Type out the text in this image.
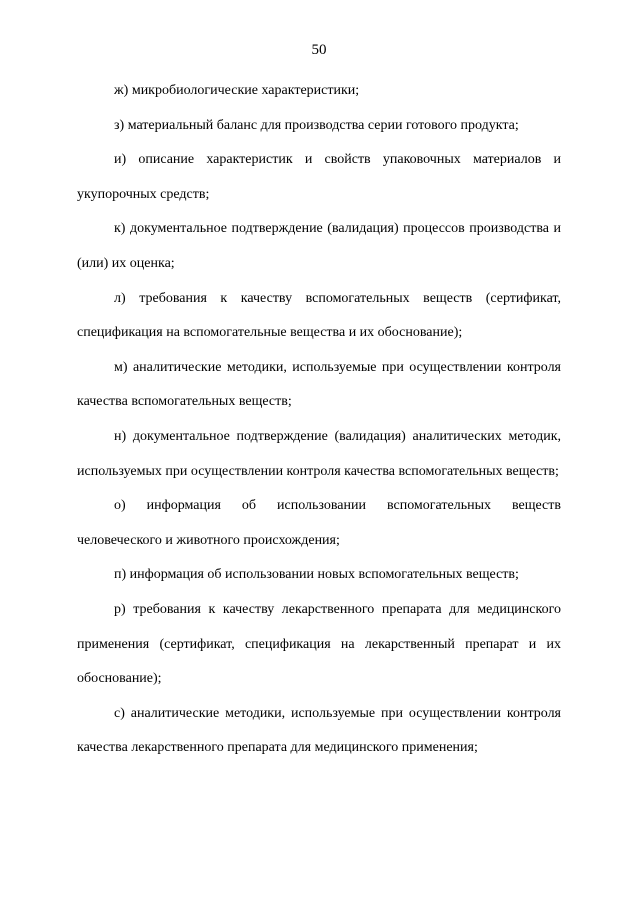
50

ж) микробиологические характеристики;

з) материальный баланс для производства серии готового продукта;

и) описание характеристик и свойств упаковочных материалов и укупорочных средств;

к) документальное подтверждение (валидация) процессов производства и (или) их оценка;

л) требования к качеству вспомогательных веществ (сертификат, спецификация на вспомогательные вещества и их обоснование);

м) аналитические методики, используемые при осуществлении контроля качества вспомогательных веществ;

н) документальное подтверждение (валидация) аналитических методик, используемых при осуществлении контроля качества вспомогательных веществ;

о) информация об использовании вспомогательных веществ человеческого и животного происхождения;

п) информация об использовании новых вспомогательных веществ;

р) требования к качеству лекарственного препарата для медицинского применения (сертификат, спецификация на лекарственный препарат и их обоснование);

с) аналитические методики, используемые при осуществлении контроля качества лекарственного препарата для медицинского применения;
